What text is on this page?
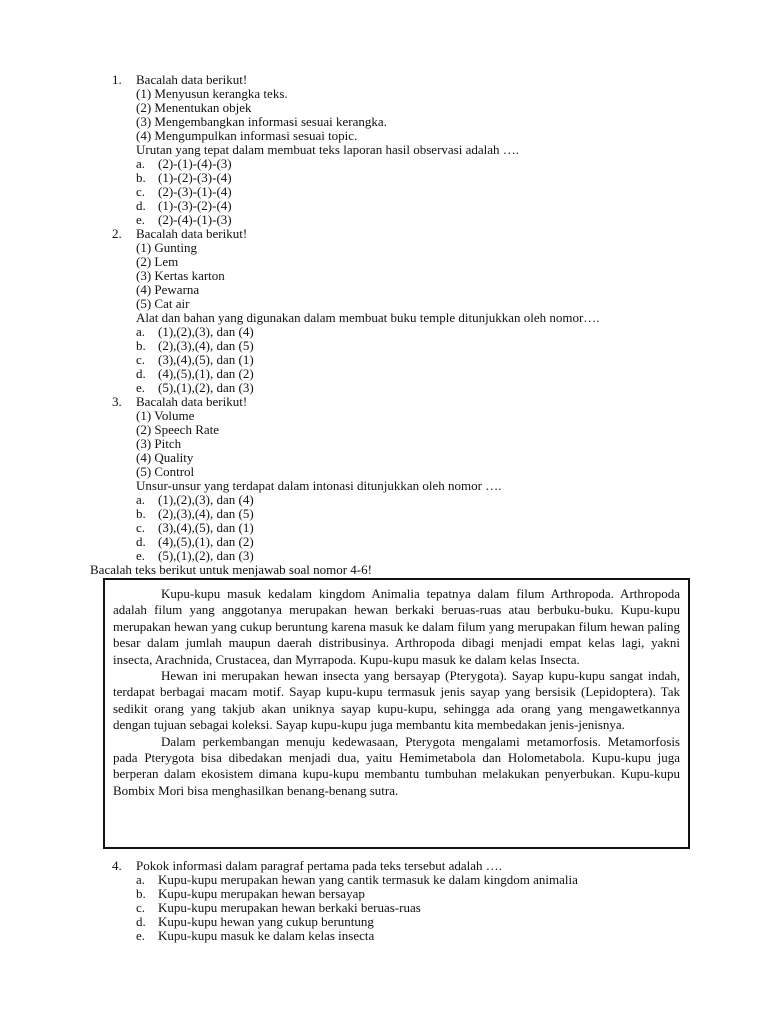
1. Bacalah data berikut!
(1) Menyusun kerangka teks.
(2) Menentukan objek
(3) Mengembangkan informasi sesuai kerangka.
(4) Mengumpulkan informasi sesuai topic.
Urutan yang tepat dalam membuat teks laporan hasil observasi adalah ….
a. (2)-(1)-(4)-(3)
b. (1)-(2)-(3)-(4)
c. (2)-(3)-(1)-(4)
d. (1)-(3)-(2)-(4)
e. (2)-(4)-(1)-(3)
2. Bacalah data berikut!
(1) Gunting
(2) Lem
(3) Kertas karton
(4) Pewarna
(5) Cat air
Alat dan bahan yang digunakan dalam membuat buku temple ditunjukkan oleh nomor….
a. (1),(2),(3), dan (4)
b. (2),(3),(4), dan (5)
c. (3),(4),(5), dan (1)
d. (4),(5),(1), dan (2)
e. (5),(1),(2), dan (3)
3. Bacalah data berikut!
(1) Volume
(2) Speech Rate
(3) Pitch
(4) Quality
(5) Control
Unsur-unsur yang terdapat dalam intonasi ditunjukkan oleh nomor ….
a. (1),(2),(3), dan (4)
b. (2),(3),(4), dan (5)
c. (3),(4),(5), dan (1)
d. (4),(5),(1), dan (2)
e. (5),(1),(2), dan (3)
Bacalah teks berikut untuk menjawab soal nomor 4-6!

Kupu-kupu masuk kedalam kingdom Animalia tepatnya dalam filum Arthropoda. Arthropoda adalah filum yang anggotanya merupakan hewan berkaki beruas-ruas atau berbuku-buku. Kupu-kupu merupakan hewan yang cukup beruntung karena masuk ke dalam filum yang merupakan filum hewan paling besar dalam jumlah maupun daerah distribusinya. Arthropoda dibagi menjadi empat kelas lagi, yakni insecta, Arachnida, Crustacea, dan Myrrapoda. Kupu-kupu masuk ke dalam kelas Insecta.

Hewan ini merupakan hewan insecta yang bersayap (Pterygota). Sayap kupu-kupu sangat indah, terdapat berbagai macam motif. Sayap kupu-kupu termasuk jenis sayap yang bersisik (Lepidoptera). Tak sedikit orang yang takjub akan uniknya sayap kupu-kupu, sehingga ada orang yang mengawetkannya dengan tujuan sebagai koleksi. Sayap kupu-kupu juga membantu kita membedakan jenis-jenisnya.

Dalam perkembangan menuju kedewasaan, Pterygota mengalami metamorfosis. Metamorfosis pada Pterygota bisa dibedakan menjadi dua, yaitu Hemimetabola dan Holometabola. Kupu-kupu juga berperan dalam ekosistem dimana kupu-kupu membantu tumbuhan melakukan penyerbukan. Kupu-kupu Bombix Mori bisa menghasilkan benang-benang sutra.

4. Pokok informasi dalam paragraf pertama pada teks tersebut adalah ….
a. Kupu-kupu merupakan hewan yang cantik termasuk ke dalam kingdom animalia
b. Kupu-kupu merupakan hewan bersayap
c. Kupu-kupu merupakan hewan berkaki beruas-ruas
d. Kupu-kupu hewan yang cukup beruntung
e. Kupu-kupu masuk ke dalam kelas insecta
